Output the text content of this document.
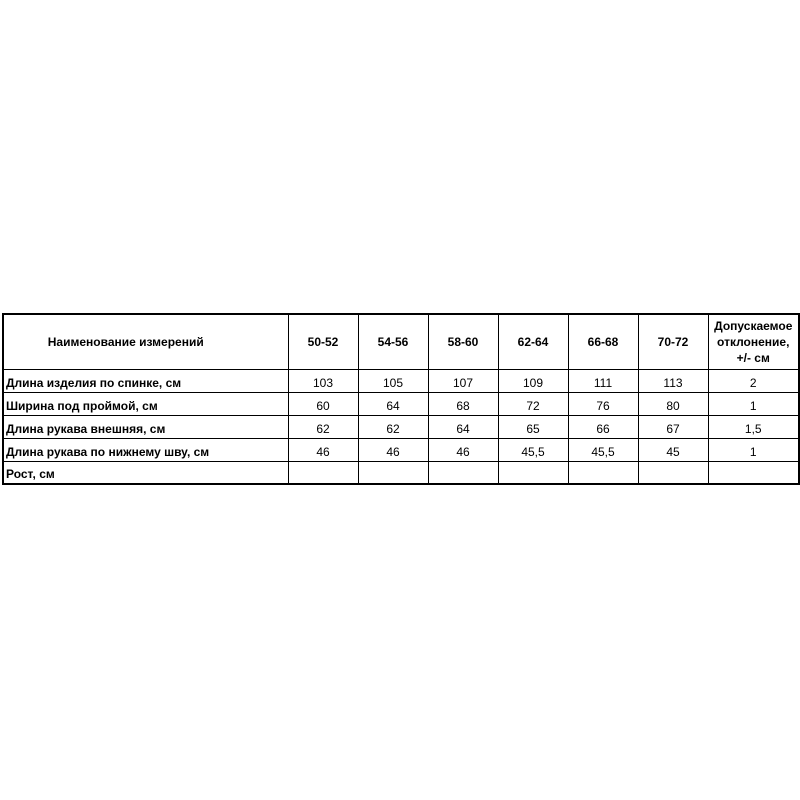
Наименование измерений	50-52	54-56	58-60	62-64	66-68	70-72	Допускаемое
отклонение,
+/- см
Длина изделия по спинке, см	103	105	107	109	111	113	2
Ширина под проймой, см	60	64	68	72	76	80	1
Длина рукава внешняя, см	62	62	64	65	66	67	1,5
Длина рукава по нижнему шву, см	46	46	46	45,5	45,5	45	1
Рост, см							
